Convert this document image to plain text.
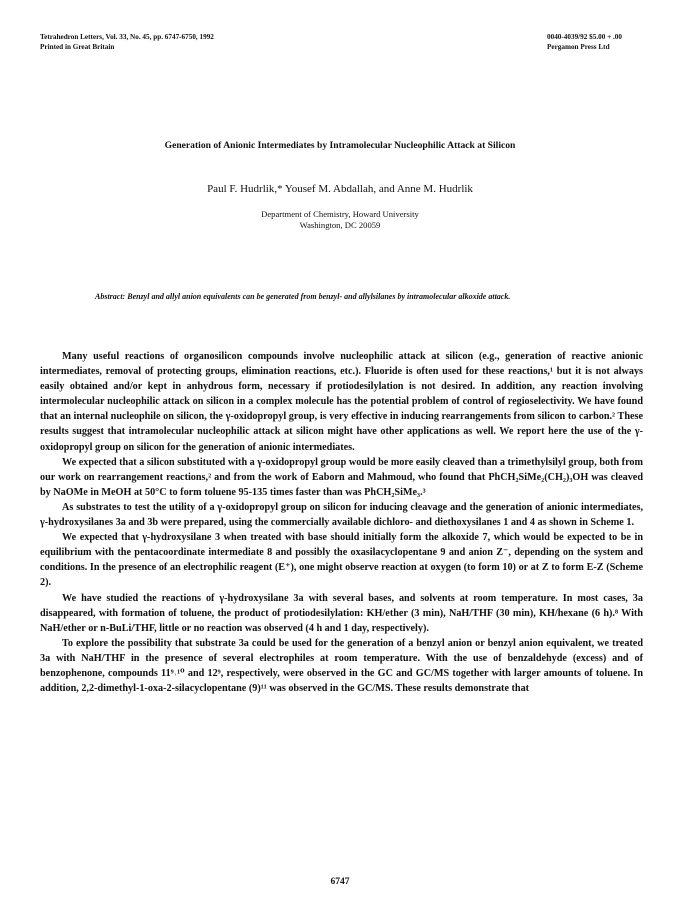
Tetrahedron Letters, Vol. 33, No. 45, pp. 6747-6750, 1992
Printed in Great Britain
0040-4039/92 $5.00 + .00
Pergamon Press Ltd
Generation of Anionic Intermediates by Intramolecular Nucleophilic Attack at Silicon
Paul F. Hudrlik,* Yousef M. Abdallah, and Anne M. Hudrlik
Department of Chemistry, Howard University
Washington, DC 20059
Abstract: Benzyl and allyl anion equivalents can be generated from benzyl- and allylsilanes by intramolecular alkoxide attack.

Many useful reactions of organosilicon compounds involve nucleophilic attack at silicon (e.g., generation of reactive anionic intermediates, removal of protecting groups, elimination reactions, etc.). Fluoride is often used for these reactions,¹ but it is not always easily obtained and/or kept in anhydrous form, necessary if protiodesilylation is not desired. In addition, any reaction involving intermolecular nucleophilic attack on silicon in a complex molecule has the potential problem of control of regioselectivity. We have found that an internal nucleophile on silicon, the γ-oxidopropyl group, is very effective in inducing rearrangements from silicon to carbon.² These results suggest that intramolecular nucleophilic attack at silicon might have other applications as well. We report here the use of the γ-oxidopropyl group on silicon for the generation of anionic intermediates.

We expected that a silicon substituted with a γ-oxidopropyl group would be more easily cleaved than a trimethylsilyl group, both from our work on rearrangement reactions,² and from the work of Eaborn and Mahmoud, who found that PhCH₂SiMe₂(CH₂)₃OH was cleaved by NaOMe in MeOH at 50°C to form toluene 95-135 times faster than was PhCH₂SiMe₃.³

As substrates to test the utility of a γ-oxidopropyl group on silicon for inducing cleavage and the generation of anionic intermediates, γ-hydroxysilanes 3a and 3b were prepared, using the commercially available dichloro- and diethoxysilanes 1 and 4 as shown in Scheme 1.

We expected that γ-hydroxysilane 3 when treated with base should initially form the alkoxide 7, which would be expected to be in equilibrium with the pentacoordinate intermediate 8 and possibly the oxasilacyclopentane 9 and anion Z⁻, depending on the system and conditions. In the presence of an electrophilic reagent (E⁺), one might observe reaction at oxygen (to form 10) or at Z to form E-Z (Scheme 2).

We have studied the reactions of γ-hydroxysilane 3a with several bases, and solvents at room temperature. In most cases, 3a disappeared, with formation of toluene, the product of protiodesilylation: KH/ether (3 min), NaH/THF (30 min), KH/hexane (6 h).⁸ With NaH/ether or n-BuLi/THF, little or no reaction was observed (4 h and 1 day, respectively).

To explore the possibility that substrate 3a could be used for the generation of a benzyl anion or benzyl anion equivalent, we treated 3a with NaH/THF in the presence of several electrophiles at room temperature. With the use of benzaldehyde (excess) and of benzophenone, compounds 11⁹˒¹⁰ and 12⁹, respectively, were observed in the GC and GC/MS together with larger amounts of toluene. In addition, 2,2-dimethyl-1-oxa-2-silacyclopentane (9)¹¹ was observed in the GC/MS. These results demonstrate that

6747
